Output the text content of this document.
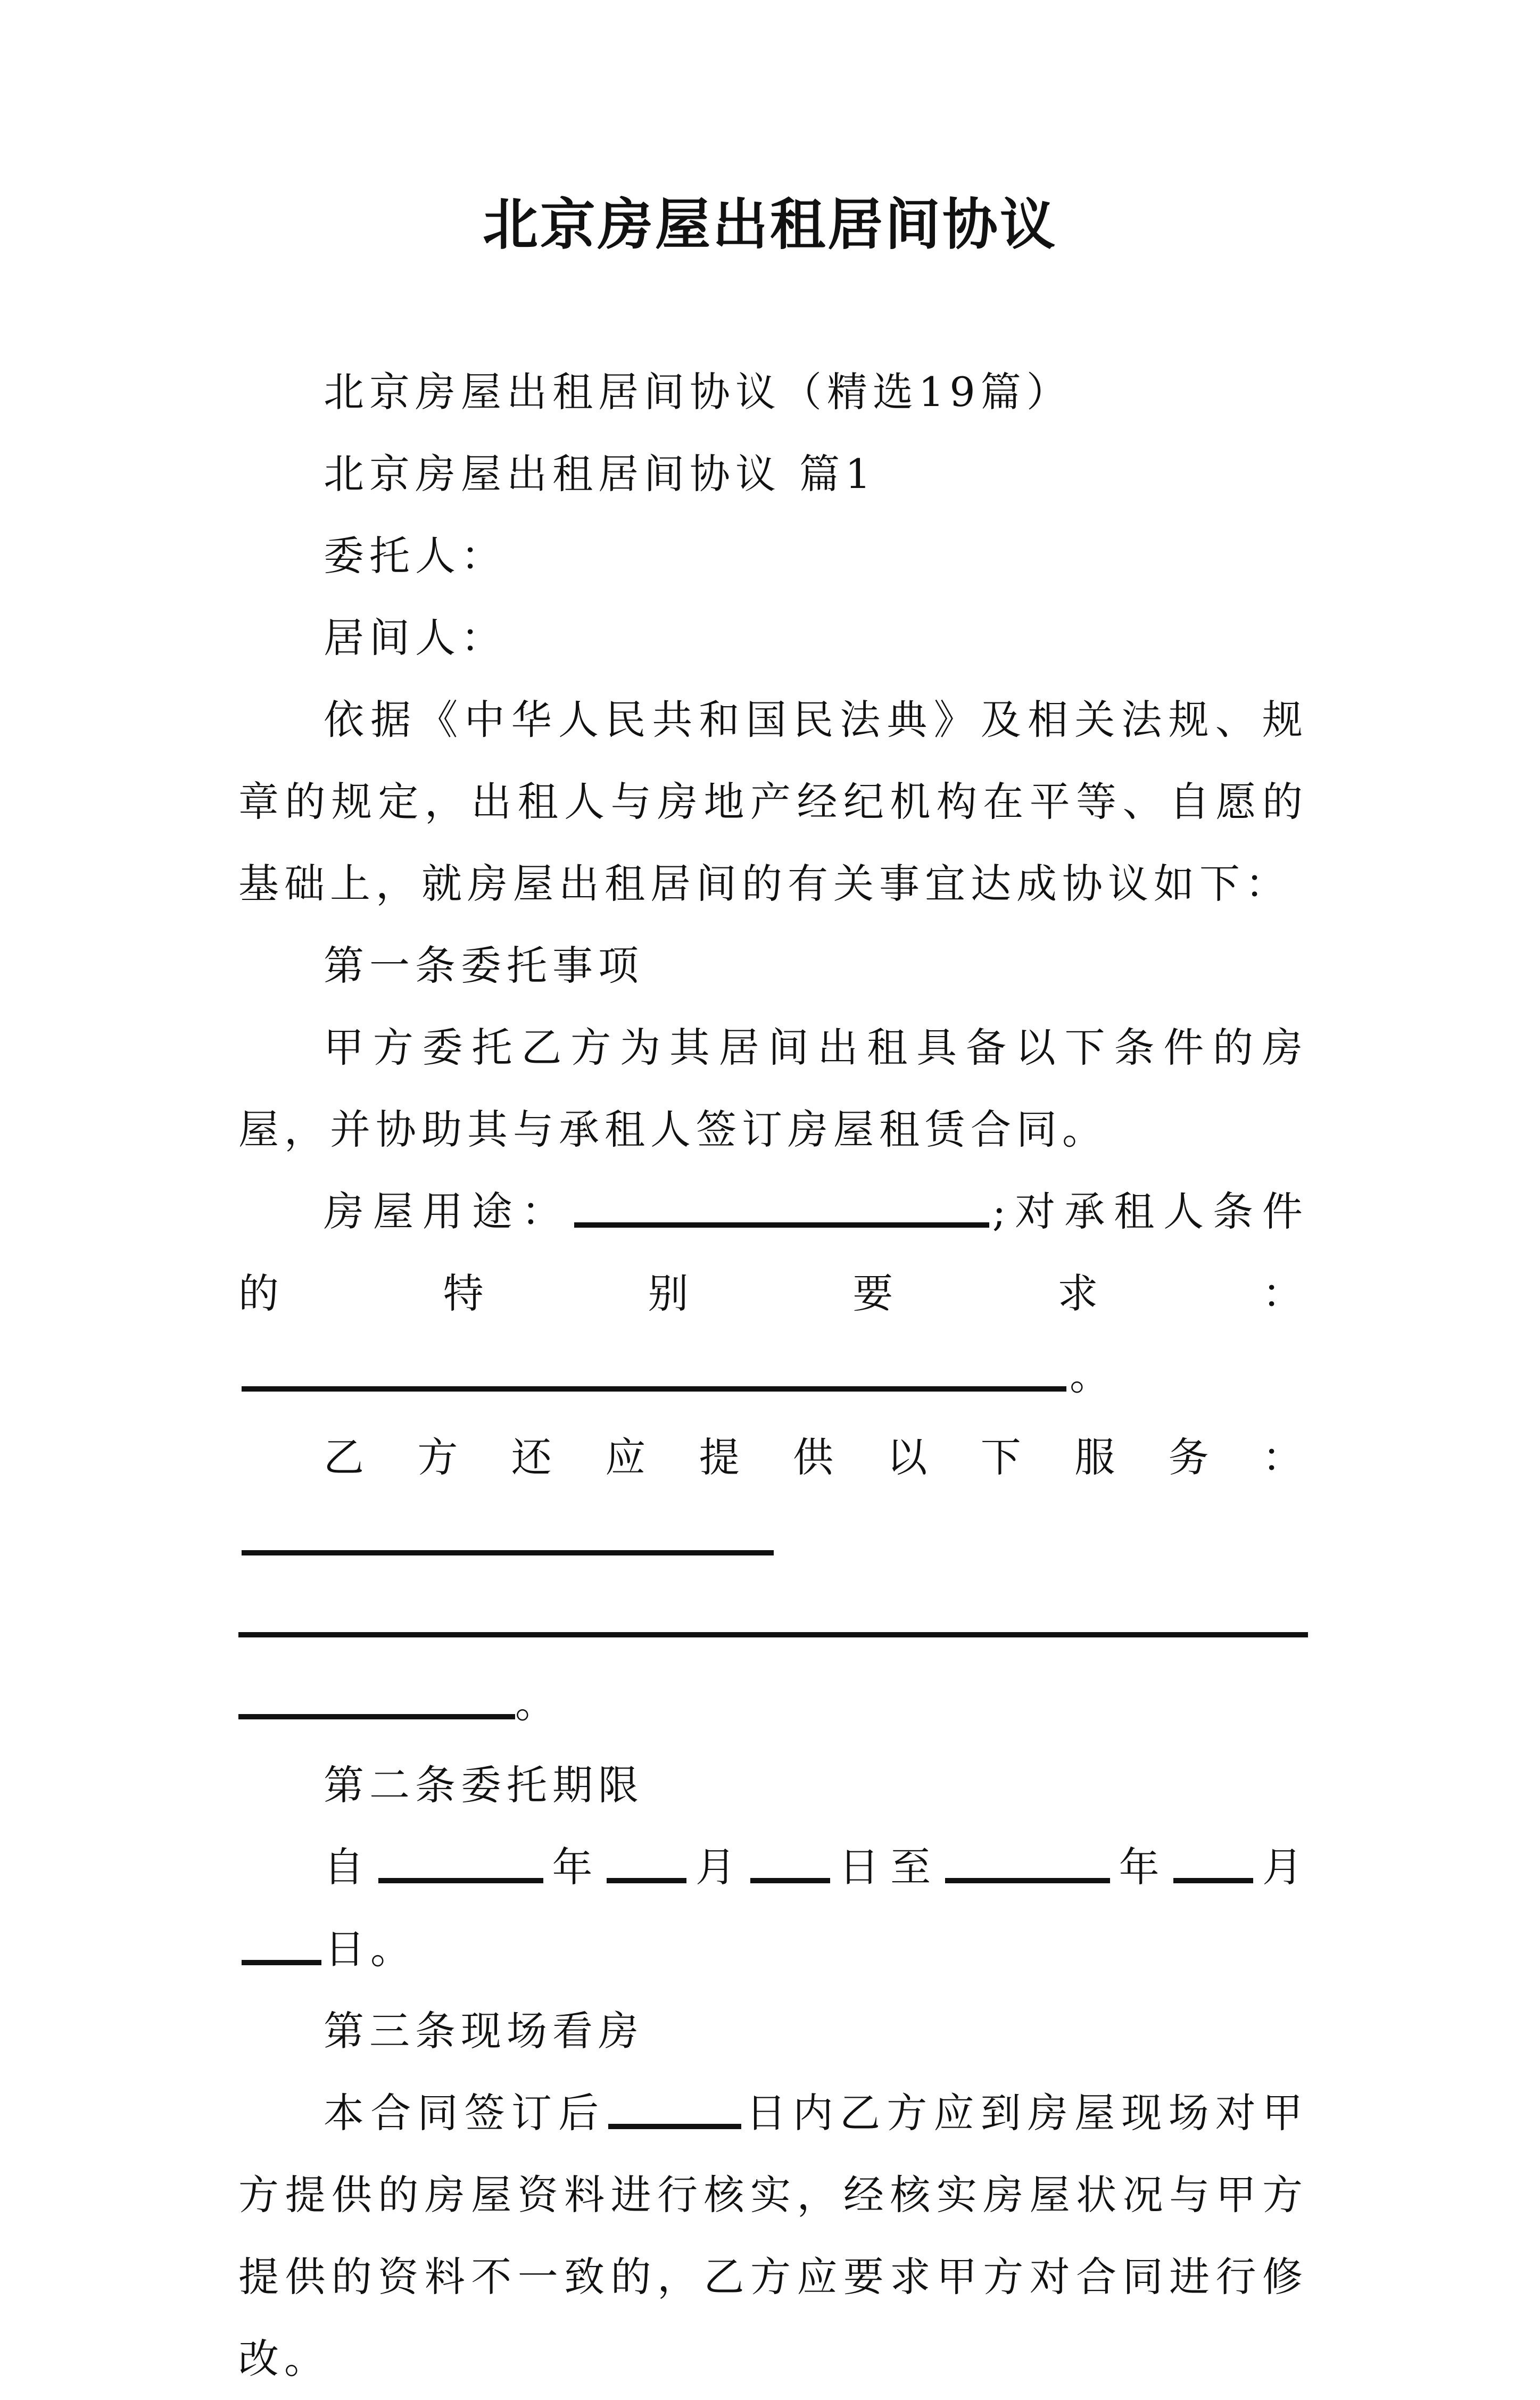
北京房屋出租居间协议

北京房屋出租居间协议（精选19篇）

北京房屋出租居间协议 篇1

委托人：

居间人：

依据《中华人民共和国民法典》及相关法规、规章的规定，出租人与房地产经纪机构在平等、自愿的基础上，就房屋出租居间的有关事宜达成协议如下：

第一条委托事项

甲方委托乙方为其居间出租具备以下条件的房屋，并协助其与承租人签订房屋租赁合同。

房屋用途：	;对承租人条件的特别要求：。

乙方还应提供以下服务：。

第二条委托期限

自	年 月 日至	年 月日。

第三条现场看房

本合同签订后	日内乙方应到房屋现场对甲方提供的房屋资料进行核实，经核实房屋状况与甲方提供的资料不一致的，乙方应要求甲方对合同进行修改。
